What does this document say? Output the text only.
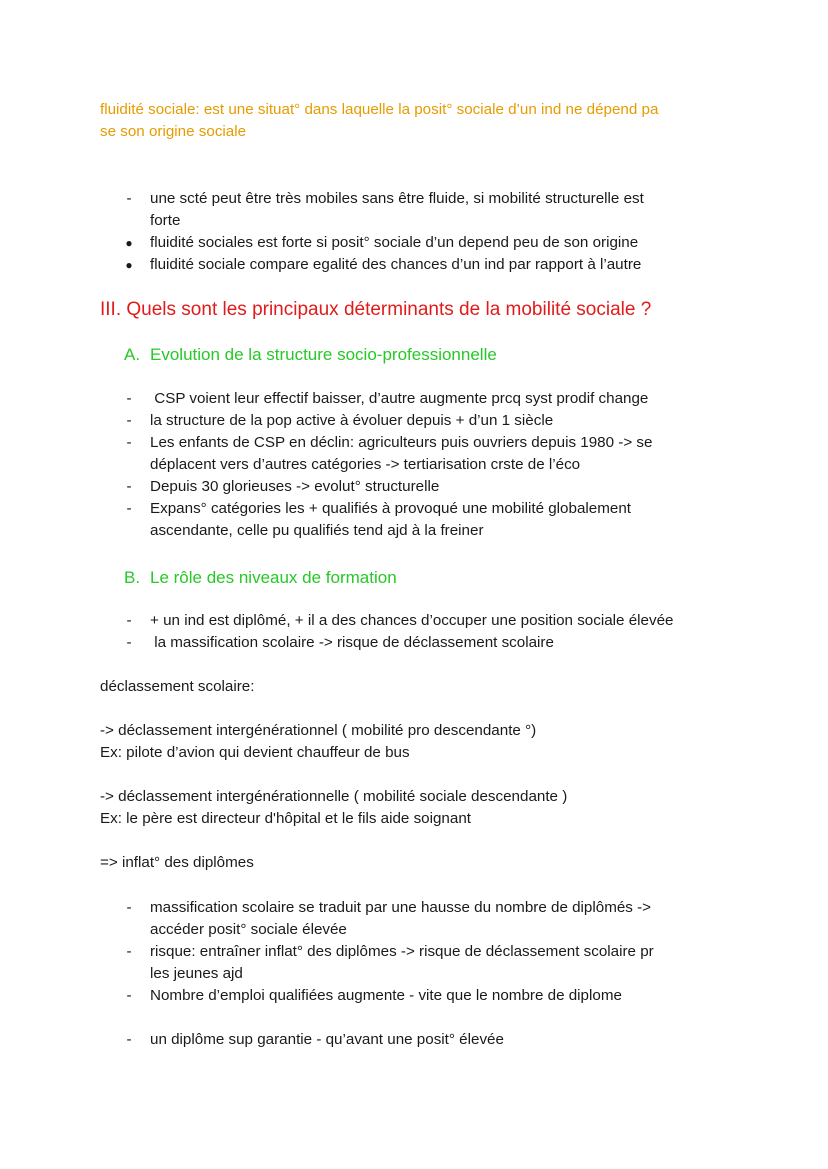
fluidité sociale: est une situat° dans laquelle la posit° sociale d’un ind ne dépend pa

se son origine sociale

- une scté peut être très mobiles sans être fluide, si mobilité structurelle est
forte
● fluidité sociales est forte si posit° sociale d’un depend peu de son origine
● fluidité sociale compare egalité des chances d’un ind par rapport à l’autre
III. Quels sont les principaux déterminants de la mobilité sociale ?
A. Evolution de la structure socio-professionnelle
- CSP voient leur effectif baisser, d’autre augmente prcq syst prodif change
- la structure de la pop active à évoluer depuis + d’un 1 siècle
- Les enfants de CSP en déclin: agriculteurs puis ouvriers depuis 1980 -> se
déplacent vers d’autres catégories -> tertiarisation crste de l’éco
- Depuis 30 glorieuses -> evolut° structurelle
- Expans° catégories les + qualifiés à provoqué une mobilité globalement
ascendante, celle pu qualifiés tend ajd à la freiner
B. Le rôle des niveaux de formation
- + un ind est diplômé, + il a des chances d’occuper une position sociale élevée
- la massification scolaire -> risque de déclassement scolaire

déclassement scolaire:

-> déclassement intergénérationnel ( mobilité pro descendante °)

Ex: pilote d’avion qui devient chauffeur de bus

-> déclassement intergénérationnelle ( mobilité sociale descendante )

Ex: le père est directeur d'hôpital et le fils aide soignant

=> inflat° des diplômes

- massification scolaire se traduit par une hausse du nombre de diplômés ->
accéder posit° sociale élevée
- risque: entraîner inflat° des diplômes -> risque de déclassement scolaire pr
les jeunes ajd
- Nombre d’emploi qualifiées augmente - vite que le nombre de diplome
- un diplôme sup garantie - qu’avant une posit° élevée
